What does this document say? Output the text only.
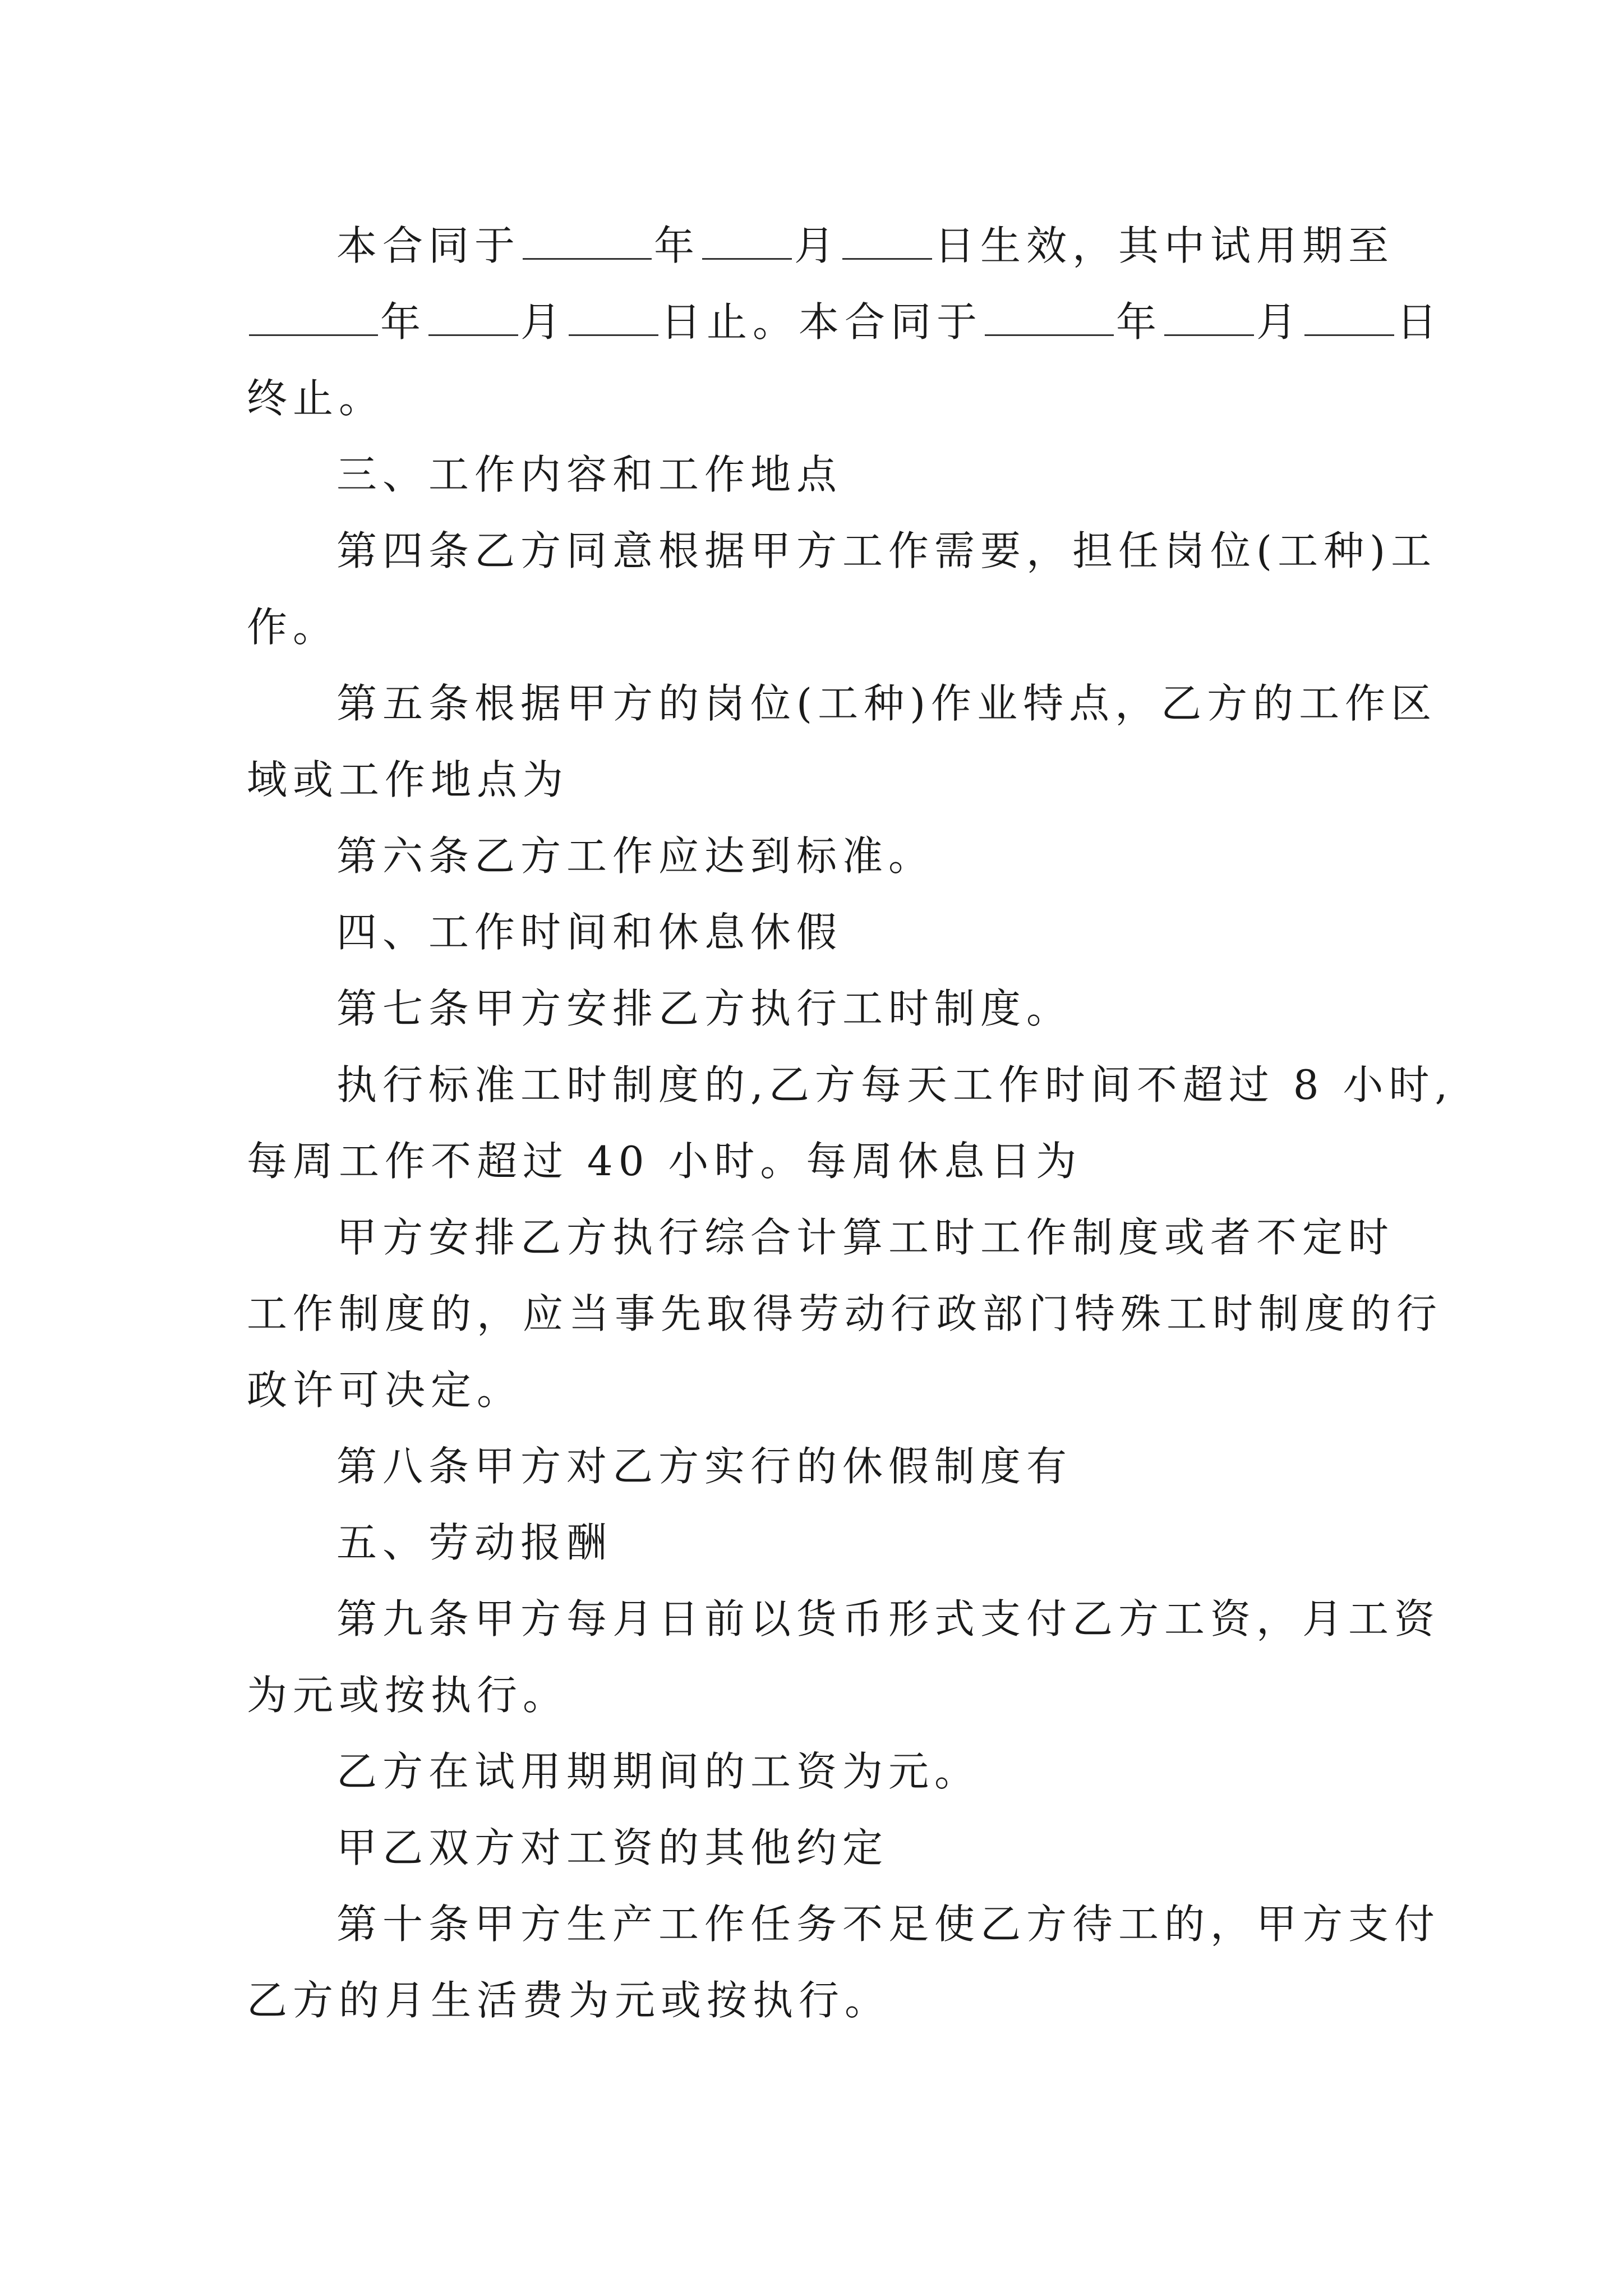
本合同于	年 月 日生效，其中试用期至
年 月 日止。本合同于	年 月 日
终止。
三、工作内容和工作地点
第四条乙方同意根据甲方工作需要，担任岗位(工种)工
作。
第五条根据甲方的岗位(工种)作业特点，乙方的工作区
域或工作地点为
第六条乙方工作应达到标准。
四、工作时间和休息休假
第七条甲方安排乙方执行工时制度。
执行标准工时制度的,乙方每天工作时间不超过 8 小时,
每周工作不超过 40 小时。每周休息日为
甲方安排乙方执行综合计算工时工作制度或者不定时
工作制度的，应当事先取得劳动行政部门特殊工时制度的行
政许可决定。
第八条甲方对乙方实行的休假制度有
五、劳动报酬
第九条甲方每月日前以货币形式支付乙方工资，月工资
为元或按执行。
乙方在试用期期间的工资为元。
甲乙双方对工资的其他约定
第十条甲方生产工作任务不足使乙方待工的，甲方支付
乙方的月生活费为元或按执行。
